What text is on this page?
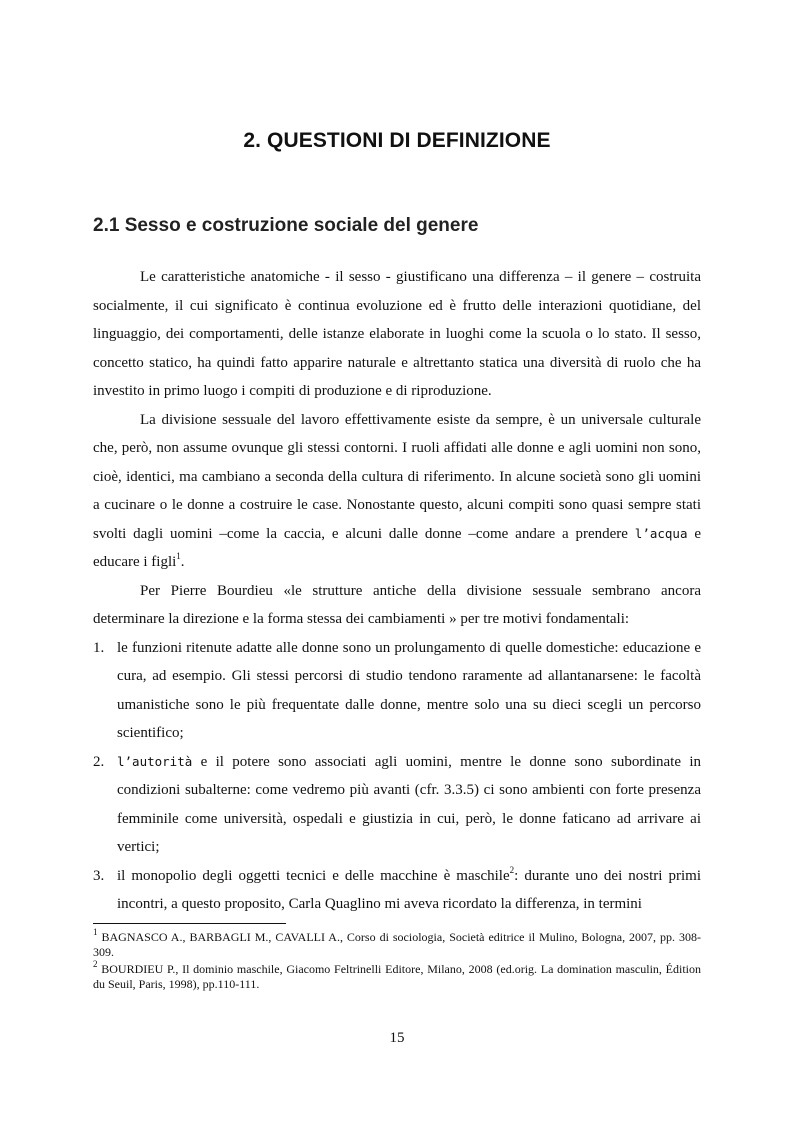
2. QUESTIONI DI DEFINIZIONE
2.1 Sesso e costruzione sociale del genere

Le caratteristiche anatomiche - il sesso - giustificano una differenza – il genere – costruita socialmente, il cui significato è continua evoluzione ed è frutto delle interazioni quotidiane, del linguaggio, dei comportamenti, delle istanze elaborate in luoghi come la scuola o lo stato. Il sesso, concetto statico, ha quindi fatto apparire naturale e altrettanto statica una diversità di ruolo che ha investito in primo luogo i compiti di produzione e di riproduzione.

La divisione sessuale del lavoro effettivamente esiste da sempre, è un universale culturale che, però, non assume ovunque gli stessi contorni. I ruoli affidati alle donne e agli uomini non sono, cioè, identici, ma cambiano a seconda della cultura di riferimento. In alcune società sono gli uomini a cucinare o le donne a costruire le case. Nonostante questo, alcuni compiti sono quasi sempre stati svolti dagli uomini –come la caccia, e alcuni dalle donne –come andare a prendere l’acqua e educare i figli$^1$.

Per Pierre Bourdieu «le strutture antiche della divisione sessuale sembrano ancora determinare la direzione e la forma stessa dei cambiamenti » per tre motivi fondamentali:

1. le funzioni ritenute adatte alle donne sono un prolungamento di quelle domestiche: educazione e cura, ad esempio. Gli stessi percorsi di studio tendono raramente ad allantanarsene: le facoltà umanistiche sono le più frequentate dalle donne, mentre solo una su dieci scegli un percorso scientifico;
2. l’autorità e il potere sono associati agli uomini, mentre le donne sono subordinate in condizioni subalterne: come vedremo più avanti (cfr. 3.3.5) ci sono ambienti con forte presenza femminile come università, ospedali e giustizia in cui, però, le donne faticano ad arrivare ai vertici;
3. il monopolio degli oggetti tecnici e delle macchine è maschile$^2$: durante uno dei nostri primi incontri, a questo proposito, Carla Quaglino mi aveva ricordato la differenza, in termini
$^1$ BAGNASCO A., BARBAGLI M., CAVALLI A., Corso di sociologia, Società editrice il Mulino, Bologna, 2007, pp. 308-309.
$^2$ BOURDIEU P., Il dominio maschile, Giacomo Feltrinelli Editore, Milano, 2008 (ed.orig. La domination masculin, Édition du Seuil, Paris, 1998), pp.110-111.
15
